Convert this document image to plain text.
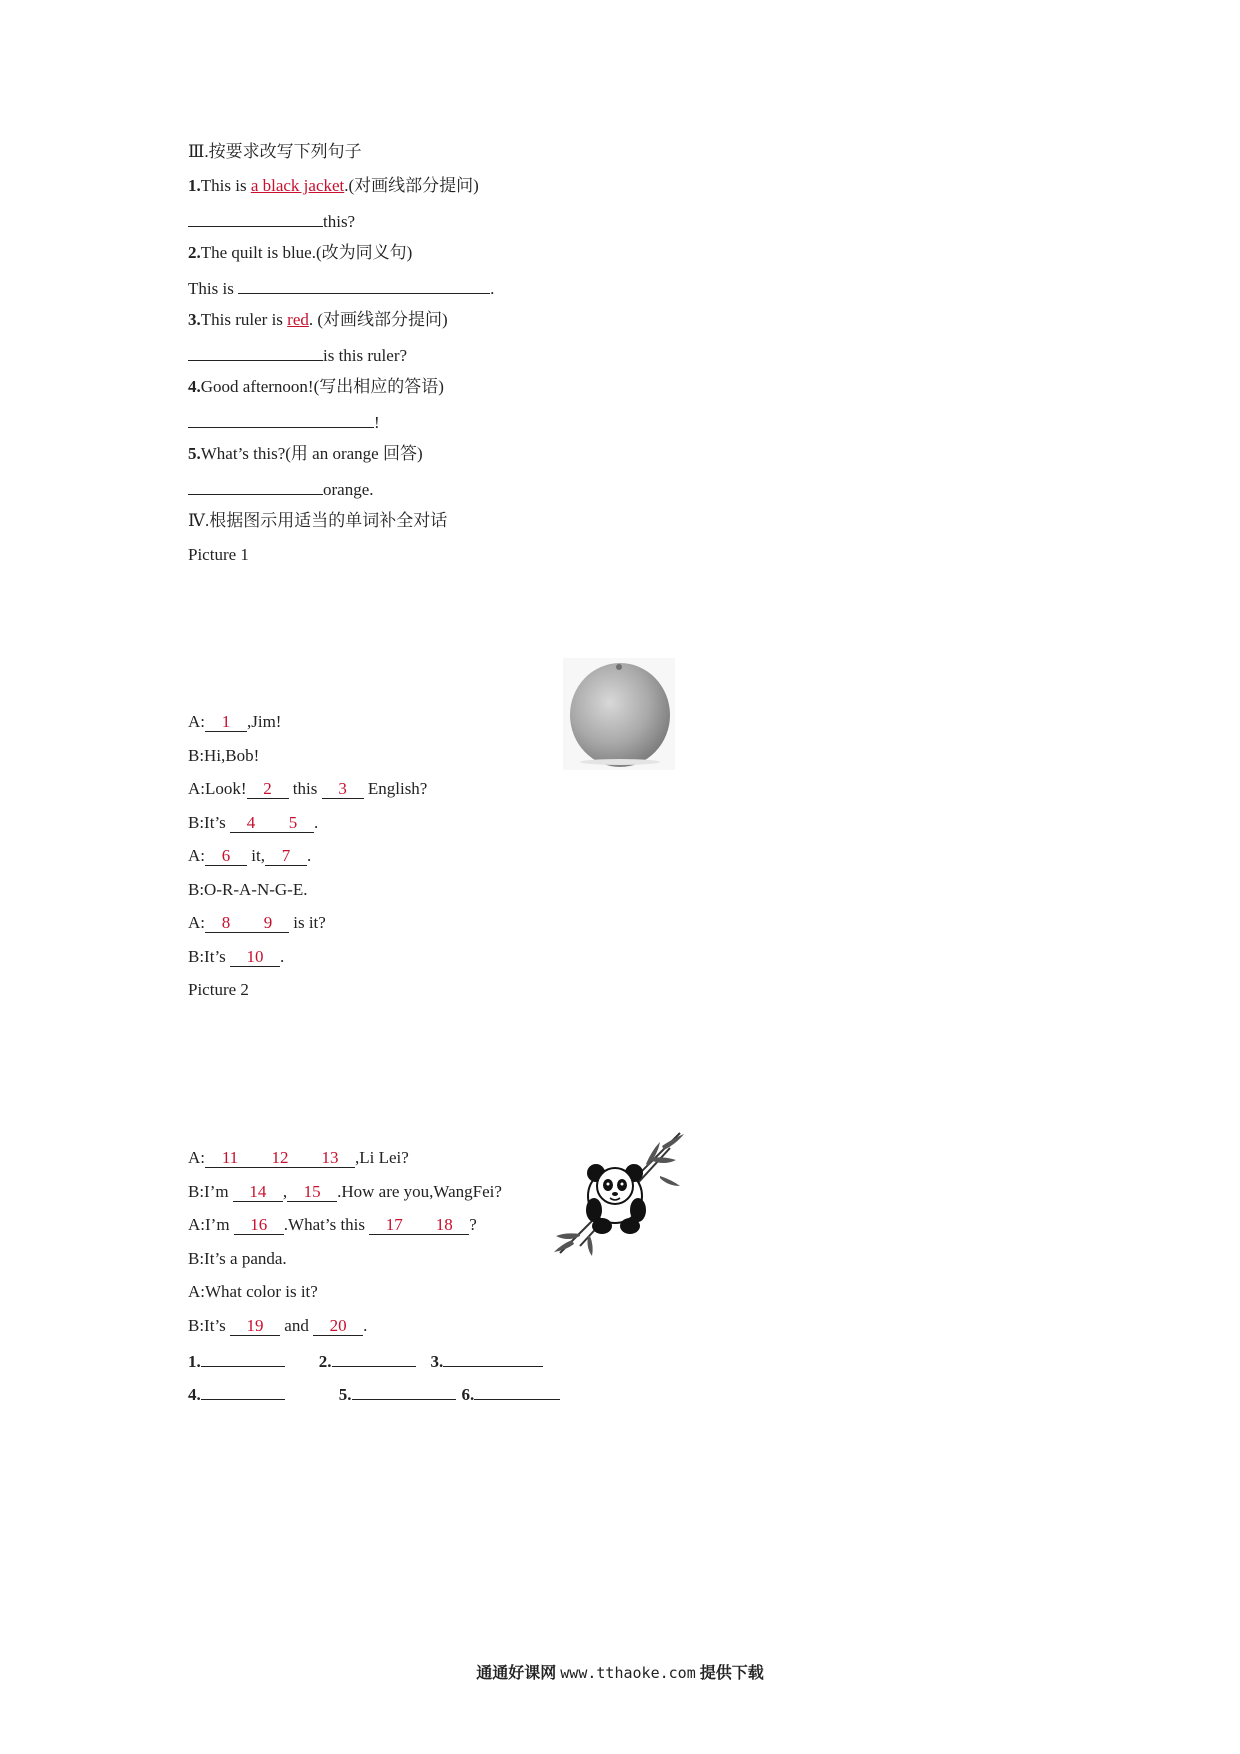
Ⅲ.按要求改写下列句子
1.This is a black jacket.(对画线部分提问)
this?
2.The quilt is blue.(改为同义句)
This is	.
3.This ruler is red. (对画线部分提问)
is this ruler?
4.Good afternoon!(写出相应的答语)
!
5.What’s this?(用 an orange 回答)
orange.
Ⅳ.根据图示用适当的单词补全对话
Picture 1
A: 1 ,Jim!
B:Hi,Bob!
A:Look! 2 this 3 English?
B:It’s 4 5 .
A: 6 it, 7 .
B:O-R-A-N-G-E.
A: 8 9 is it?
B:It’s 10 .
Picture 2
A: 11 12 13 ,Li Lei?
B:I’m 14 , 15 .How are you,WangFei?
A:I’m 16 .What’s this 17 18 ?
B:It’s a panda.
A:What color is it?
B:It’s 19 and 20 .
1.	2.	3.
4.	5.	6.
通通好课网 www.tthaoke.com 提供下载
